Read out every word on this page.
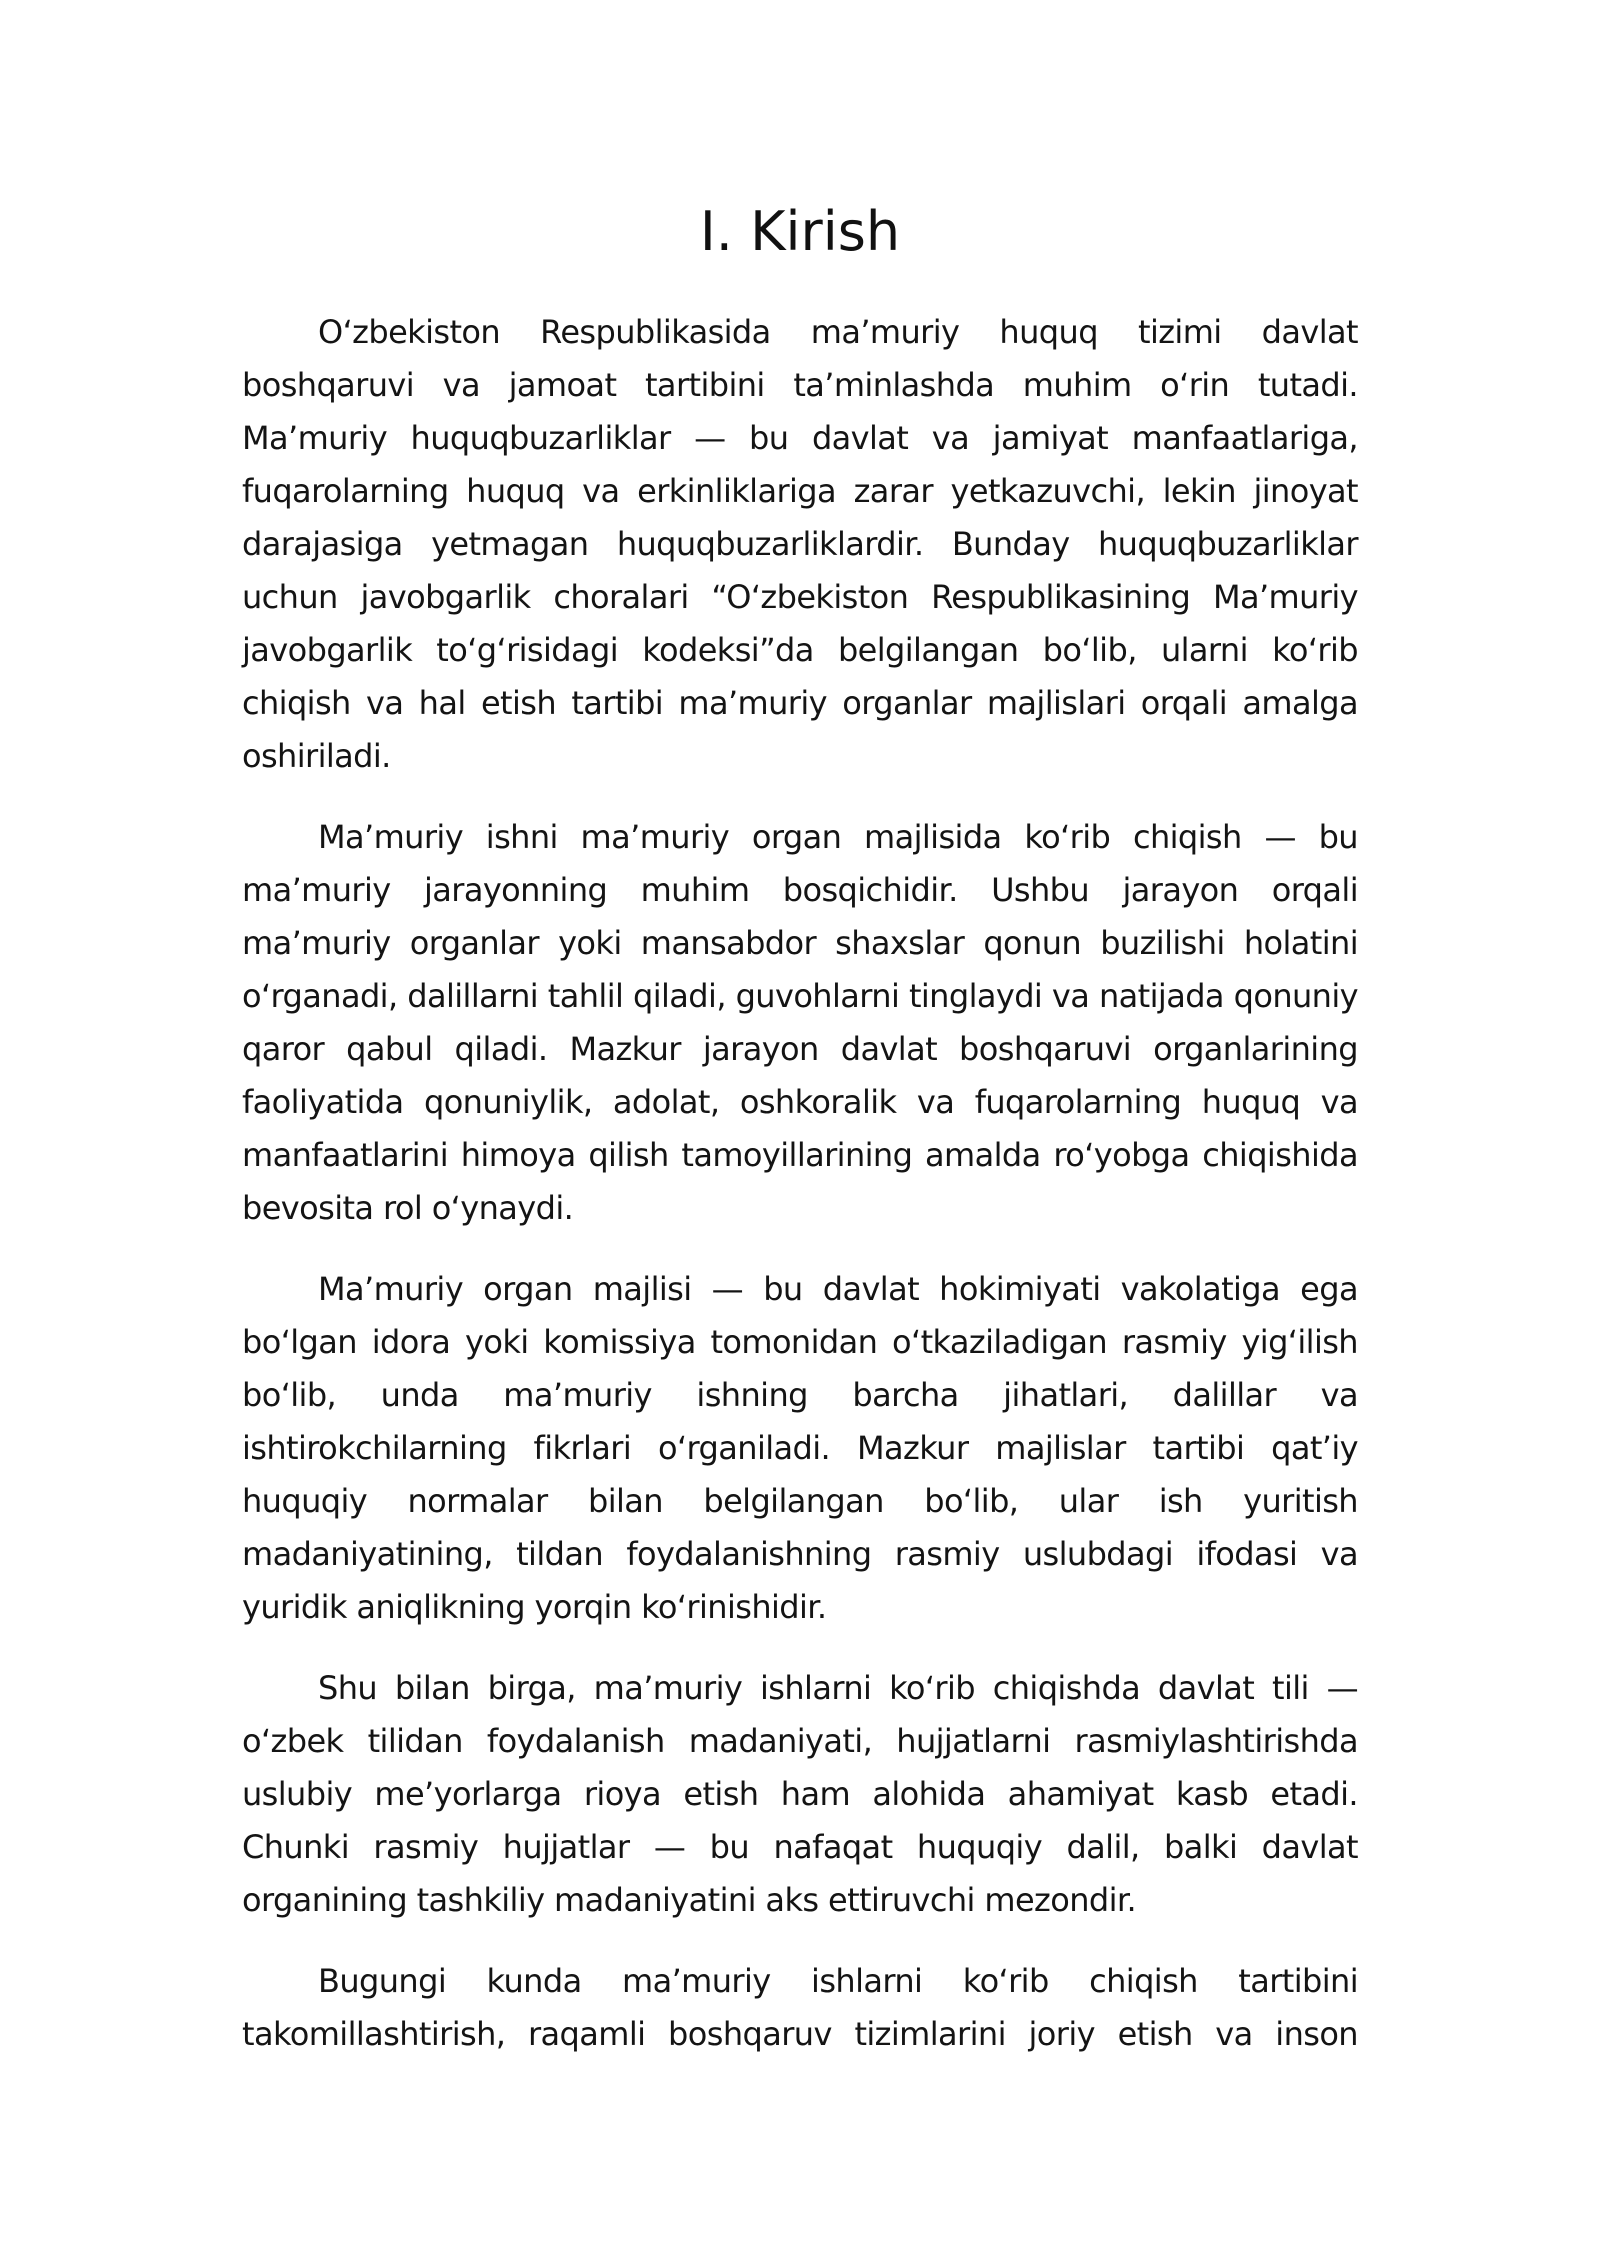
I. Kirish

Oʻzbekiston Respublikasida maʼmuriy huquq tizimi davlat boshqaruvi va jamoat tartibini taʼminlashda muhim oʻrin tutadi. Maʼmuriy huquqbuzarliklar — bu davlat va jamiyat manfaatlariga, fuqarolarning huquq va erkinliklariga zarar yetkazuvchi, lekin jinoyat darajasiga yetmagan huquqbuzarliklardir. Bunday huquqbuzarliklar uchun javobgarlik choralari “Oʻzbekiston Respublikasining Maʼmuriy javobgarlik toʻgʻrisidagi kodeksi”da belgilangan boʻlib, ularni koʻrib chiqish va hal etish tartibi maʼmuriy organlar majlislari orqali amalga oshiriladi.

Maʼmuriy ishni maʼmuriy organ majlisida koʻrib chiqish — bu maʼmuriy jarayonning muhim bosqichidir. Ushbu jarayon orqali maʼmuriy organlar yoki mansabdor shaxslar qonun buzilishi holatini oʻrganadi, dalillarni tahlil qiladi, guvohlarni tinglaydi va natijada qonuniy qaror qabul qiladi. Mazkur jarayon davlat boshqaruvi organlarining faoliyatida qonuniylik, adolat, oshkoralik va fuqarolarning huquq va manfaatlarini himoya qilish tamoyillarining amalda roʻyobga chiqishida bevosita rol oʻynaydi.

Maʼmuriy organ majlisi — bu davlat hokimiyati vakolatiga ega boʻlgan idora yoki komissiya tomonidan oʻtkaziladigan rasmiy yigʻilish boʻlib, unda maʼmuriy ishning barcha jihatlari, dalillar va ishtirokchilarning fikrlari oʻrganiladi. Mazkur majlislar tartibi qatʼiy huquqiy normalar bilan belgilangan boʻlib, ular ish yuritish madaniyatining, tildan foydalanishning rasmiy uslubdagi ifodasi va yuridik aniqlikning yorqin koʻrinishidir.

Shu bilan birga, maʼmuriy ishlarni koʻrib chiqishda davlat tili — oʻzbek tilidan foydalanish madaniyati, hujjatlarni rasmiylashtirishda uslubiy meʼyorlarga rioya etish ham alohida ahamiyat kasb etadi. Chunki rasmiy hujjatlar — bu nafaqat huquqiy dalil, balki davlat organining tashkiliy madaniyatini aks ettiruvchi mezondir.

Bugungi kunda maʼmuriy ishlarni koʻrib chiqish tartibini takomillashtirish, raqamli boshqaruv tizimlarini joriy etish va inson
